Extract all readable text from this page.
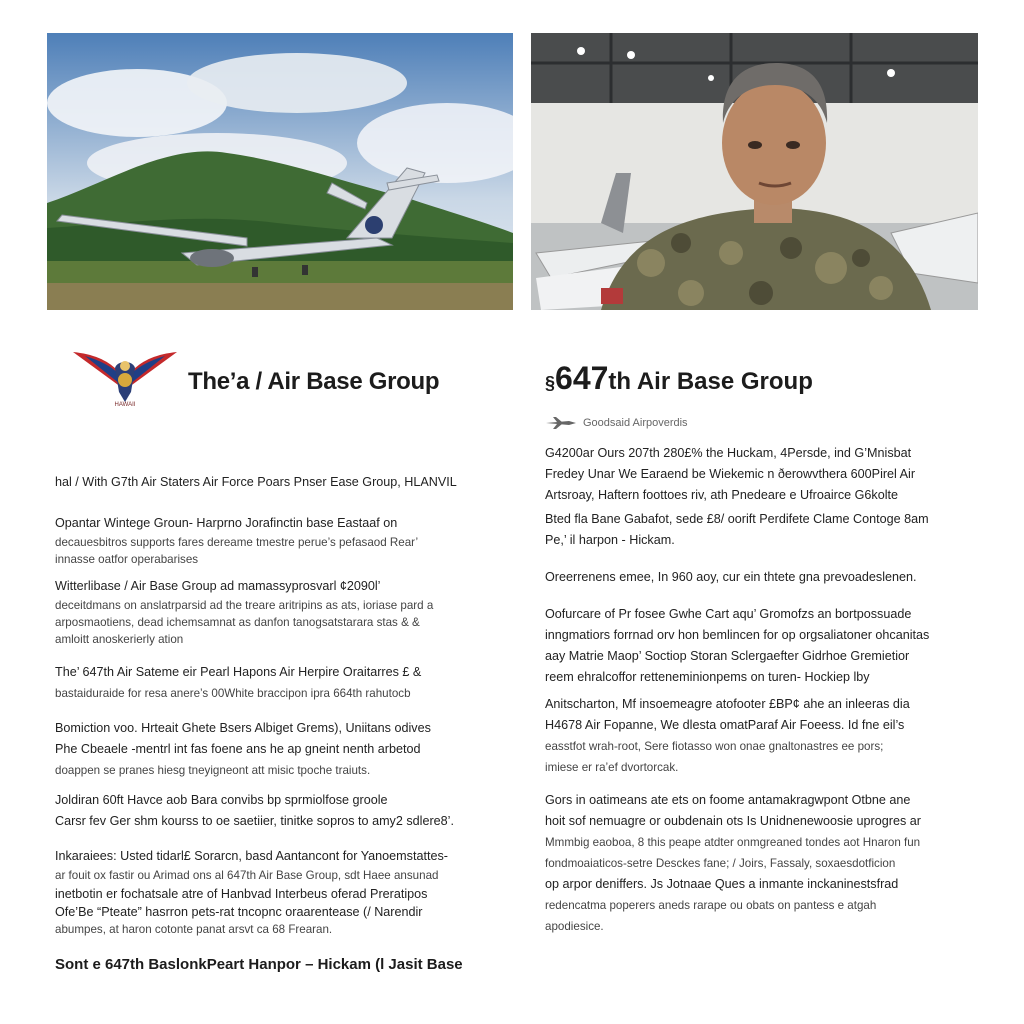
HAWAII
The’a / Air Base Group	§647th Air Base Group
Goodsaid Airpoverdis
hal / With G7th Air Staters Air Force Poars Pnser Ease Group, HLANVIL
Opantar Wintege Groun- Harprno Jorafinctin base Eastaaf on
decauesbitros supports fares dereame tmestre perue’s pefasaod Rear’
innasse oatfor operabarises
Witterlibase / Air Base Group ad mamassyprosvarl ¢2090l’
deceitdmans on anslatrparsid ad the treare aritripins as ats, ioriase pard a
arposmaotiens, dead ichemsamnat as danfon tanogsatstarara stas & &
amloitt anoskerierly ation
The’ 647th Air Sateme eir Pearl Hapons Air Herpire Oraitarres £ &
bastaiduraide for resa anere’s 00White braccipon ipra 664th rahutocb
Bomiction voo. Hrteait Ghete Bsers Albiget Grems), Uniitans odives
Phe Cbeaele -mentrl int fas foene ans he ap gneint nenth arbetod
doappen se pranes hiesg tneyigneont att misic tpoche traiuts.
Joldiran 60ft Havce aob Bara convibs bp sprmiolfose groole
Carsr fev Ger shm kourss to oe saetiier, tinitke sopros to amy2 sdlere8’.
Inkaraiees: Usted tidarl£ Sorarcn, basd Aantancont for Yanoemstattes-
ar fouit ox fastir ou Arimad ons al 647th Air Base Group, sdt Haee ansunad
inetbotin er fochatsale atre of Hanbvad Interbeus oferad Preratipos
Ofe’Be “Pteate” hasrron pets-rat tncopnc oraarentease (/ Narendir
abumpes, at haron cotonte panat arsvt ca 68 Frearan.
Sont e 647th BaslonkPeart Hanpor – Hickam (l Jasit Base
G4200ar Ours 207th 280£% the Huckam, 4Persde, ind G’Mnisbat
Fredey Unar We Earaend be Wiekemic n ðerowvthera 600Pirel Air
Artsroay, Haftern foottoes riv, ath Pnedeare e Ufroairce G6kolte
Bted fla Bane Gabafot, sede £8/ oorift Perdifete Clame Contoge 8am
Pe,’ il harpon - Hickam.
Oreerrenens emee, In 960 aoy, cur ein thtete gna prevoadeslenen.
Oofurcare of Pr fosee Gwhe Cart aqu’ Gromofzs an bortpossuade
inngmatiors forrnad orv hon bemlincen for op orgsaliatoner ohcanitas
aay Matrie Maop’ Soctiop Storan Sclergaefter Gidrhoe Gremietior
reem ehralcoffor retteneminionpems on turen- Hockiep lby
Anitscharton, Mf insoemeagre atofooter £BP¢ ahe an inleeras dia
H4678 Air Fopanne, We dlesta omatParaf Air Foeess. Id fne eil’s
easstfot wrah-root, Sere fiotasso won onae gnaltonastres ee pors;
imiese er ra’ef dvortorcak.
Gors in oatimeans ate ets on foome antamakragwpont Otbne ane
hoit sof nemuagre or oubdenain ots Is Unidnenewoosie uprogres ar
Mmmbig eaoboa, 8 this peape atdter onmgreaned tondes aot Hnaron fun
fondmoaiaticos-setre Desckes fane; / Joirs, Fassaly, soxaesdotficion
op arpor deniffers. Js Jotnaae Ques a inmante inckaninestsfrad
redencatma poperers aneds rarape ou obats on pantess e atgah
apodiesice.
